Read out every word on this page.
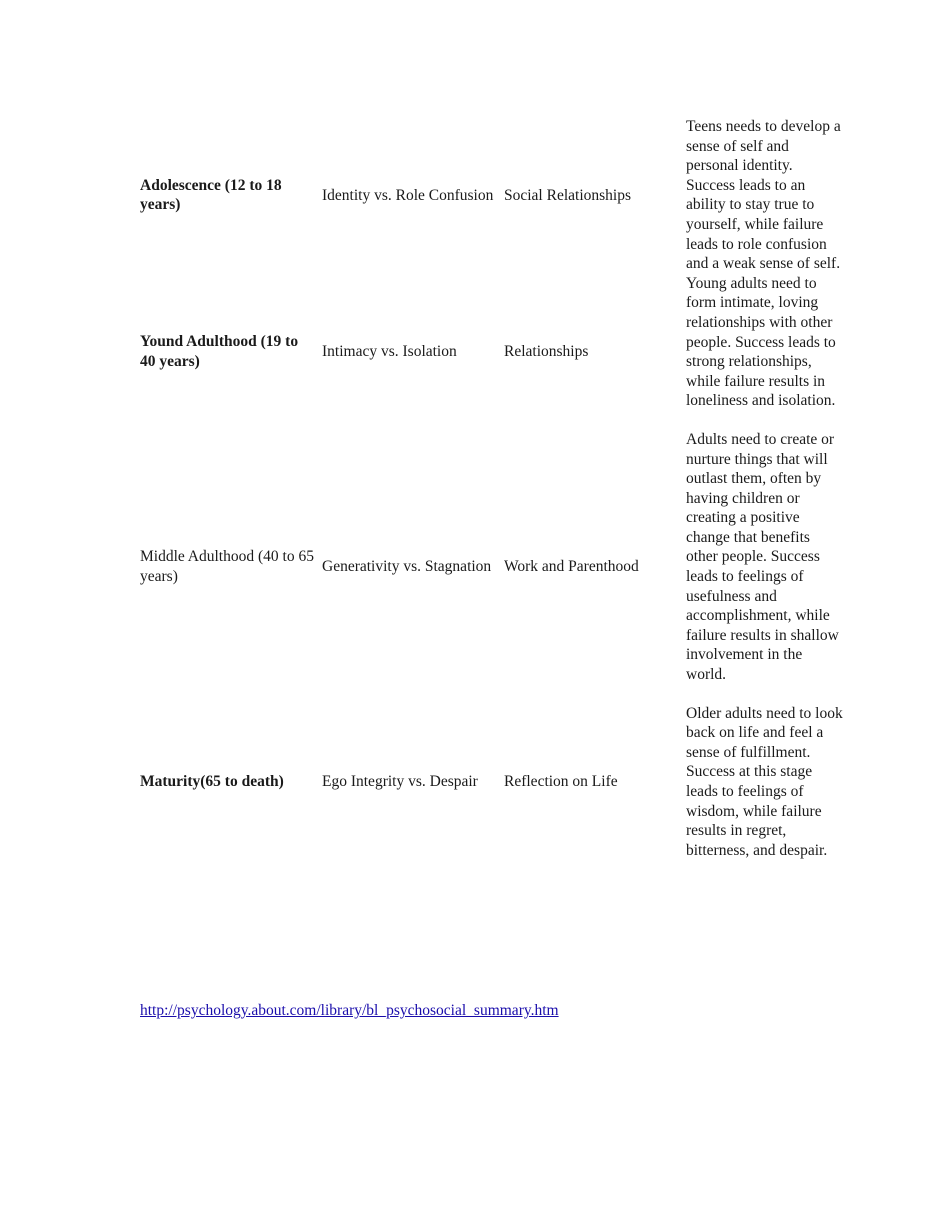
Adolescence (12 to 18 years)	Identity vs. Role Confusion	Social Relationships	Teens needs to develop a sense of self and personal identity. Success leads to an ability to stay true to yourself, while failure leads to role confusion and a weak sense of self.
Yound Adulthood (19 to 40 years)	Intimacy vs. Isolation	Relationships	Young adults need to form intimate, loving relationships with other people. Success leads to strong relationships, while failure results in loneliness and isolation.
Middle Adulthood (40 to 65 years)	Generativity vs. Stagnation	Work and Parenthood	Adults need to create or nurture things that will outlast them, often by having children or creating a positive change that benefits other people. Success leads to feelings of usefulness and accomplishment, while failure results in shallow involvement in the world.
Maturity(65 to death)	Ego Integrity vs. Despair	Reflection on Life	Older adults need to look back on life and feel a sense of fulfillment. Success at this stage leads to feelings of wisdom, while failure results in regret, bitterness, and despair.
http://psychology.about.com/library/bl_psychosocial_summary.htm
